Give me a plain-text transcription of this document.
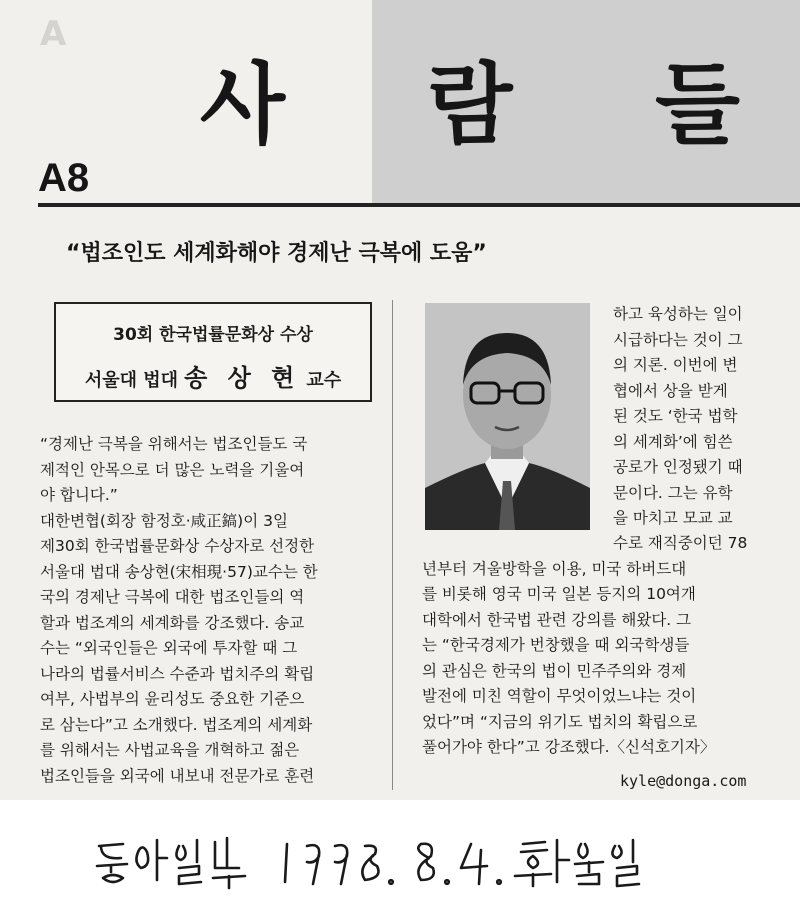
A
사 람 들
A8
“법조인도 세계화해야 경제난 극복에 도움”
30회 한국법률문화상 수상
서울대 법대 송 상 현 교수
“경제난 극복을 위해서는 법조인들도 국
제적인 안목으로 더 많은 노력을 기울여
야 합니다.”
대한변협(회장 함정호·咸正鎬)이 3일
제30회 한국법률문화상 수상자로 선정한
서울대 법대 송상현(宋相現·57)교수는 한
국의 경제난 극복에 대한 법조인들의 역
할과 법조계의 세계화를 강조했다. 송교
수는 “외국인들은 외국에 투자할 때 그
나라의 법률서비스 수준과 법치주의 확립
여부, 사법부의 윤리성도 중요한 기준으
로 삼는다”고 소개했다. 법조계의 세계화
를 위해서는 사법교육을 개혁하고 젊은
법조인들을 외국에 내보내 전문가로 훈련
하고 육성하는 일이
시급하다는 것이 그
의 지론. 이번에 변
협에서 상을 받게
된 것도 ‘한국 법학
의 세계화’에 힘쓴
공로가 인정됐기 때
문이다. 그는 유학
을 마치고 모교 교
수로 재직중이던 78
년부터 겨울방학을 이용, 미국 하버드대
를 비롯해 영국 미국 일본 등지의 10여개
대학에서 한국법 관련 강의를 해왔다. 그
는 “한국경제가 번창했을 때 외국학생들
의 관심은 한국의 법이 민주주의와 경제
발전에 미친 역할이 무엇이었느냐는 것이
었다”며 “지금의 위기도 법치의 확립으로
풀어가야 한다”고 강조했다.〈신석호기자〉
kyle@donga.com
